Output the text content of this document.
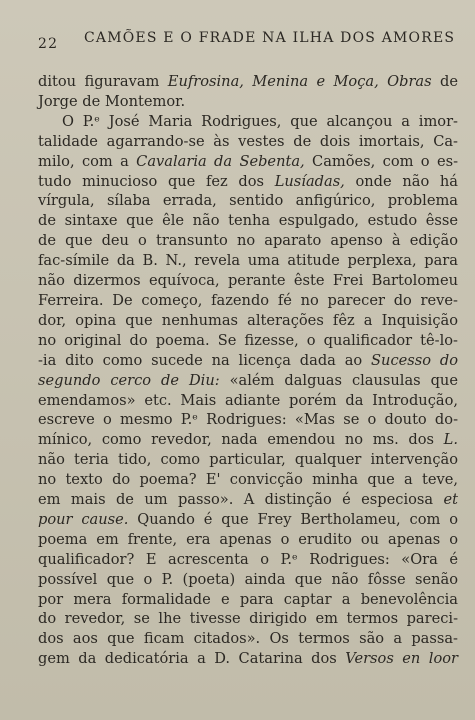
22 CAMÕES E O FRADE NA ILHA DOS AMORES
ditou figuravam Eufrosina, Menina e Moça, Obras de
Jorge de Montemor.
O P.ᵉ José Maria Rodrigues, que alcançou a imor-
talidade agarrando-se às vestes de dois imortais, Ca-
milo, com a Cavalaria da Sebenta, Camões, com o es-
tudo minucioso que fez dos Lusíadas, onde não há
vírgula, sílaba errada, sentido anfigúrico, problema
de sintaxe que êle não tenha espulgado, estudo êsse
de que deu o transunto no aparato apenso à edição
fac-símile da B. N., revela uma atitude perplexa, para
não dizermos equívoca, perante êste Frei Bartolomeu
Ferreira. De começo, fazendo fé no parecer do reve-
dor, opina que nenhumas alterações fêz a Inquisição
no original do poema. Se fizesse, o qualificador tê-lo-
-ia dito como sucede na licença dada ao Sucesso do
segundo cerco de Diu: «além dalguas clausulas que
emendamos» etc. Mais adiante porém da Introdução,
escreve o mesmo P.ᵉ Rodrigues: «Mas se o douto do-
mínico, como revedor, nada emendou no ms. dos L.
não teria tido, como particular, qualquer intervenção
no texto do poema? E' convicção minha que a teve,
em mais de um passo». A distinção é especiosa et
pour cause. Quando é que Frey Bertholameu, com o
poema em frente, era apenas o erudito ou apenas o
qualificador? E acrescenta o P.ᵉ Rodrigues: «Ora é
possível que o P. (poeta) ainda que não fôsse senão
por mera formalidade e para captar a benevolência
do revedor, se lhe tivesse dirigido em termos pareci-
dos aos que ficam citados». Os termos são a passa-
gem da dedicatória a D. Catarina dos Versos en loor
